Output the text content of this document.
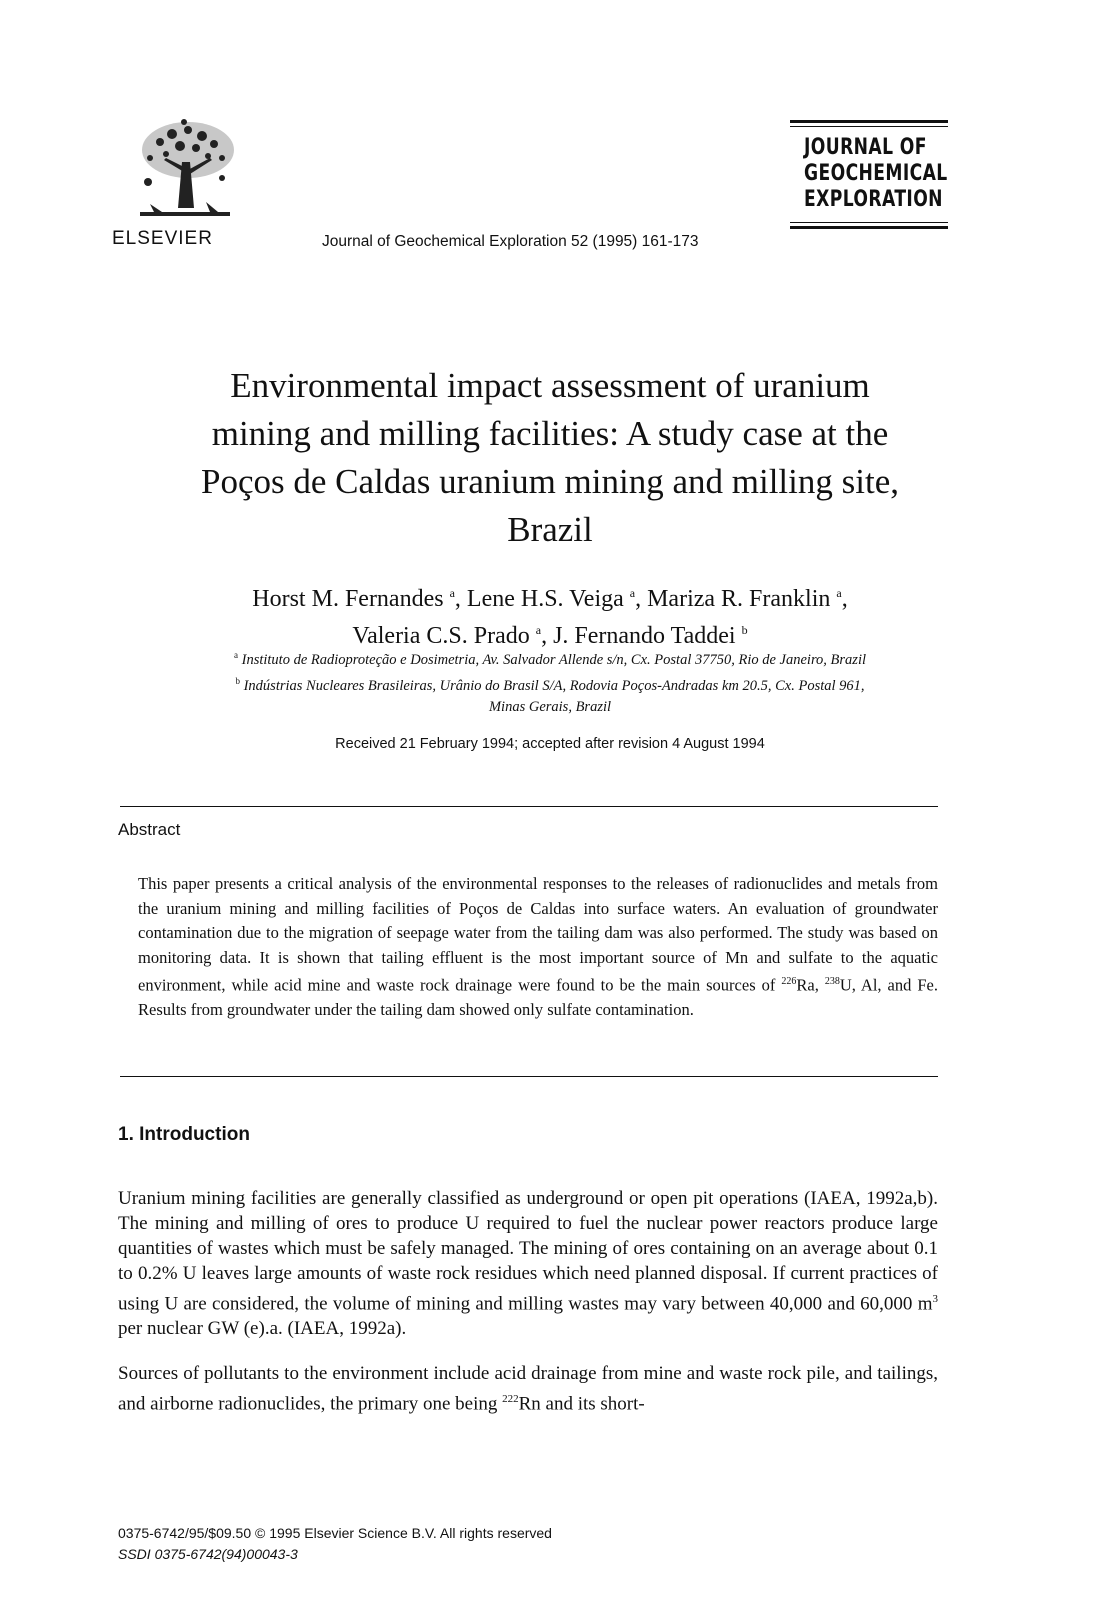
ELSEVIER	Journal of Geochemical Exploration 52 (1995) 161-173
JOURNAL OF
GEOCHEMICAL
EXPLORATION
Environmental impact assessment of uranium
mining and milling facilities: A study case at the
Poços de Caldas uranium mining and milling site,
Brazil
Horst M. Fernandes $^a$, Lene H.S. Veiga $^a$, Mariza R. Franklin $^a$,
Valeria C.S. Prado $^a$, J. Fernando Taddei $^b$
$^a$ Instituto de Radioproteção e Dosimetria, Av. Salvador Allende s/n, Cx. Postal 37750, Rio de Janeiro, Brazil
$^b$ Indústrias Nucleares Brasileiras, Urânio do Brasil S/A, Rodovia Poços-Andradas km 20.5, Cx. Postal 961,
Minas Gerais, Brazil
Received 21 February 1994; accepted after revision 4 August 1994
Abstract
This paper presents a critical analysis of the environmental responses to the releases of radionuclides and metals from the uranium mining and milling facilities of Poços de Caldas into surface waters. An evaluation of groundwater contamination due to the migration of seepage water from the tailing dam was also performed. The study was based on monitoring data. It is shown that tailing effluent is the most important source of Mn and sulfate to the aquatic environment, while acid mine and waste rock drainage were found to be the main sources of $^{226}$Ra, $^{238}$U, Al, and Fe. Results from groundwater under the tailing dam showed only sulfate contamination.
1. Introduction
Uranium mining facilities are generally classified as underground or open pit operations (IAEA, 1992a,b). The mining and milling of ores to produce U required to fuel the nuclear power reactors produce large quantities of wastes which must be safely managed. The mining of ores containing on an average about 0.1 to 0.2% U leaves large amounts of waste rock residues which need planned disposal. If current practices of using U are considered, the volume of mining and milling wastes may vary between 40,000 and 60,000 $m^3$ per nuclear GW (e).a. (IAEA, 1992a).
Sources of pollutants to the environment include acid drainage from mine and waste rock pile, and tailings, and airborne radionuclides, the primary one being $^{222}$Rn and its short-
0375-6742/95/$09.50 © 1995 Elsevier Science B.V. All rights reserved
SSDI 0375-6742(94)00043-3
